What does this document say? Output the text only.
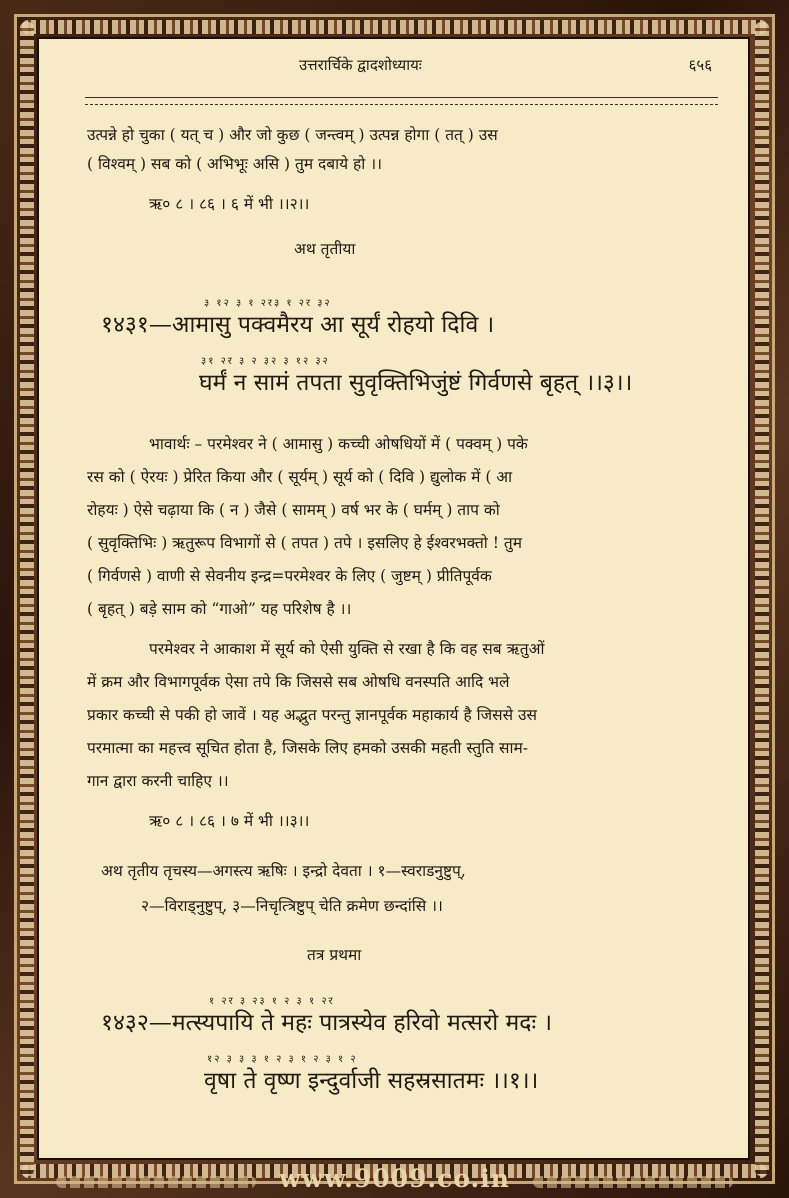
उत्तरार्चिके द्वादशोध्यायः	६५६
उत्पन्ने हो चुका ( यत् च ) और जो कुछ ( जन्त्वम् ) उत्पन्न होगा ( तत् ) उस
( विश्वम् ) सब को ( अभिभूः असि ) तुम दबाये हो ।।
ऋ० ८ । ८६ । ६ में भी ।।२।।
अथ तृतीया
३ १२ ३ १ २र३ १ २र ३२
१४३१—आमासु पक्वमैरय आ सूर्यं रोहयो दिवि ।
३१ २र ३ २ ३२ ३ १२ ३२
घर्मं न सामं तपता सुवृक्तिभिजुंष्टं गिर्वणसे बृहत् ।।३।।
भावार्थः – परमेश्वर ने ( आमासु ) कच्ची ओषधियों में ( पक्वम् ) पके
रस को ( ऐरयः ) प्रेरित किया और ( सूर्यम् ) सूर्य को ( दिवि ) द्युलोक में ( आ
रोहयः ) ऐसे चढ़ाया कि ( न ) जैसे ( सामम् ) वर्ष भर के ( घर्मम् ) ताप को
( सुवृक्तिभिः ) ऋतुरूप विभागों से ( तपत ) तपे । इसलिए हे ईश्वरभक्तो ! तुम
( गिर्वणसे ) वाणी से सेवनीय इन्द्र=परमेश्वर के लिए ( जुष्टम् ) प्रीतिपूर्वक
( बृहत् ) बड़े साम को “गाओ” यह परिशेष है ।।
परमेश्वर ने आकाश में सूर्य को ऐसी युक्ति से रखा है कि वह सब ऋतुओं
में क्रम और विभागपूर्वक ऐसा तपे कि जिससे सब ओषधि वनस्पति आदि भले
प्रकार कच्ची से पकी हो जावें । यह अद्भुत परन्तु ज्ञानपूर्वक महाकार्य है जिससे उस
परमात्मा का महत्त्व सूचित होता है, जिसके लिए हमको उसकी महती स्तुति साम-
गान द्वारा करनी चाहिए ।।
ऋ० ८ । ८६ । ७ में भी ।।३।।
अथ तृतीय तृचस्य—अगस्त्य ऋषिः । इन्द्रो देवता । १—स्वराडनुष्टुप्,
२—विराड्नुष्टुप्, ३—निचृत्त्रिष्टुप् चेति क्रमेण छन्दांसि ।।
तत्र प्रथमा
१ २र ३ २३ १ २ ३ १ २र
१४३२—मत्स्यपायि ते महः पात्रस्येव हरिवो मत्सरो मदः ।
१२ ३ ३ ३ १ २ ३ १ २ ३ १ २
वृषा ते वृष्ण इन्दुर्वाजी सहस्रसातमः ।।१।।
www.9009.co.in
